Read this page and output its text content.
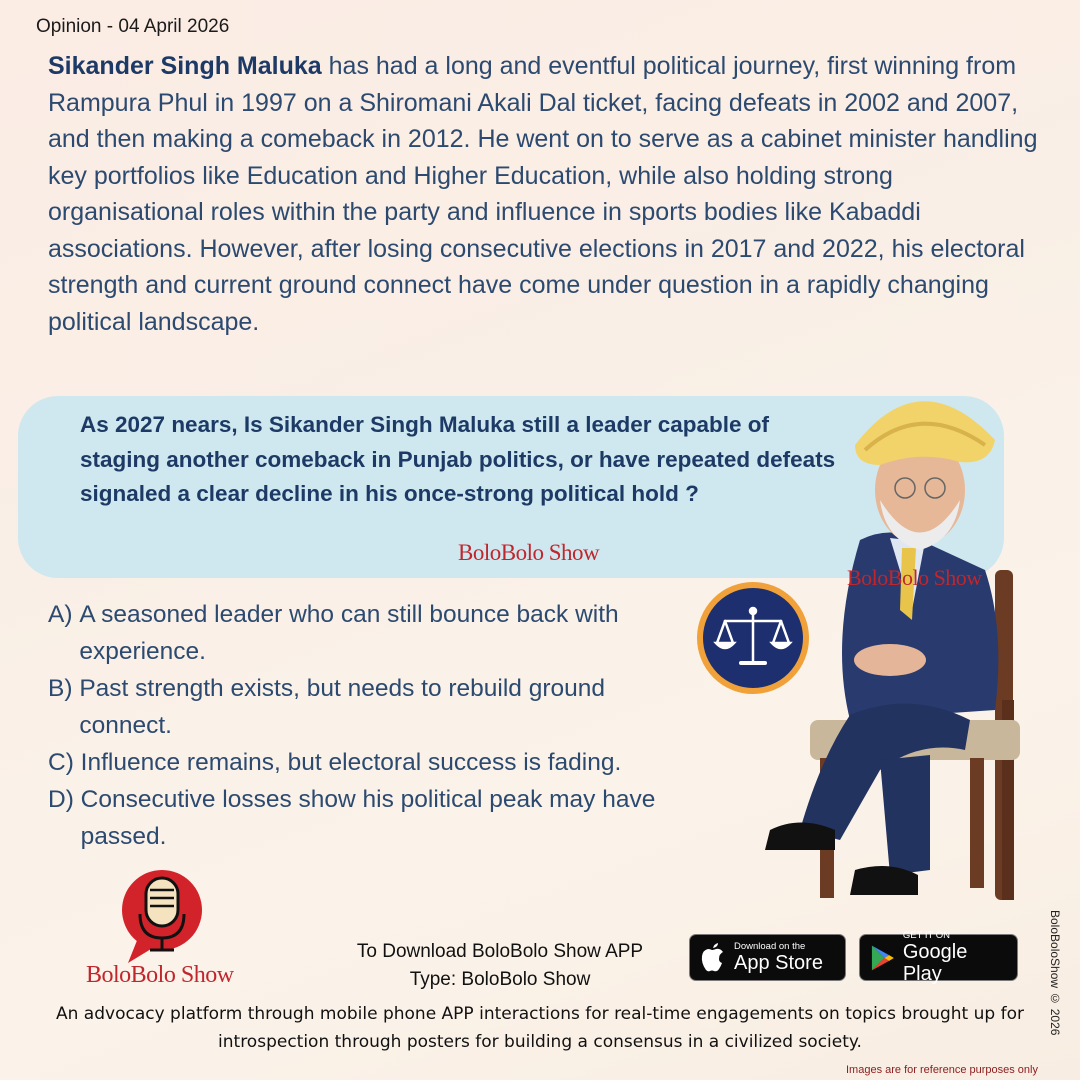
Opinion - 04 April 2026
Sikander Singh Maluka has had a long and eventful political journey, first winning from Rampura Phul in 1997 on a Shiromani Akali Dal ticket, facing defeats in 2002 and 2007, and then making a comeback in 2012. He went on to serve as a cabinet minister handling key portfolios like Education and Higher Education, while also holding strong organisational roles within the party and influence in sports bodies like Kabaddi associations. However, after losing consecutive elections in 2017 and 2022, his electoral strength and current ground connect have come under question in a rapidly changing political landscape.
As 2027 nears, Is Sikander Singh Maluka still a leader capable of staging another comeback in Punjab politics, or have repeated defeats signaled a clear decline in his once-strong political hold ?
BoloBolo Show
A) A seasoned leader who can still bounce back with experience.
B) Past strength exists, but needs to rebuild ground connect.
C) Influence remains, but electoral success is fading.
D) Consecutive losses show his political peak may have passed.
BoloBolo Show
BoloBolo Show
To Download BoloBolo Show APP
Type: BoloBolo Show
Download on the
App Store
GET IT ON
Google Play
An advocacy platform through mobile phone APP interactions for real-time engagements on topics brought up for introspection through posters for building a consensus in a civilized society.
BoloBoloShow © 2026
Images are for reference purposes only
